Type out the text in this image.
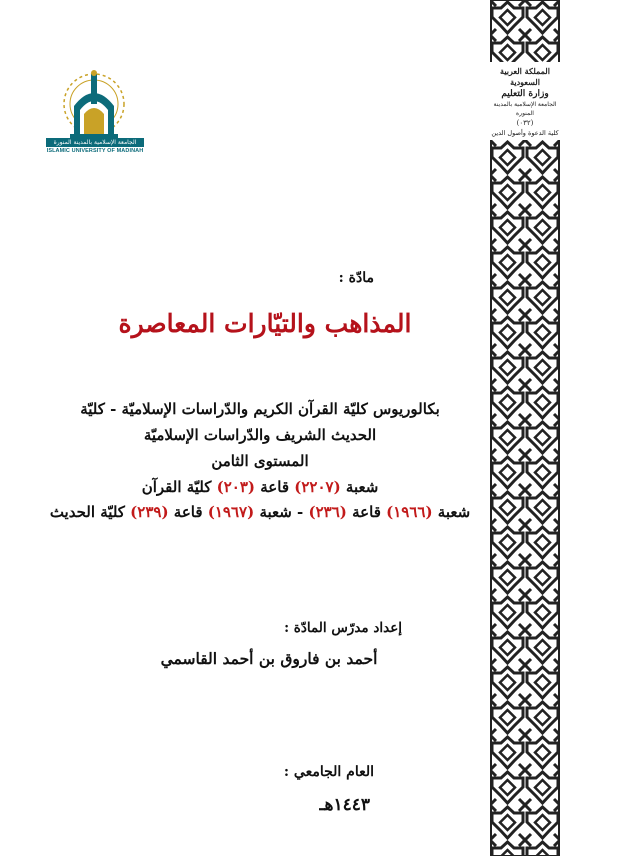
المملكة العربية السعودية
وزارة التعليم
الجامعة الإسلامية بالمدينة المنورة
(٠٣٢)
كلية الدعوة وأصول الدين
الجامعة الإسلامية بالمدينة المنورة
ISLAMIC UNIVERSITY OF MADINAH
مادّة :
المذاهب والتيّارات المعاصرة
بكالوريوس كليّة القرآن الكريم والدّراسات الإسلاميّة - كليّة
الحديث الشريف والدّراسات الإسلاميّة
المستوى الثامن
شعبة (٢٢٠٧) قاعة (٢٠٣) كليّة القرآن
شعبة (١٩٦٦) قاعة (٢٣٦) - شعبة (١٩٦٧) قاعة (٢٣٩) كليّة الحديث
إعداد مدرّس المادّة :
أحمد بن فاروق بن أحمد القاسمي
العام الجامعي :
١٤٤٣هـ
